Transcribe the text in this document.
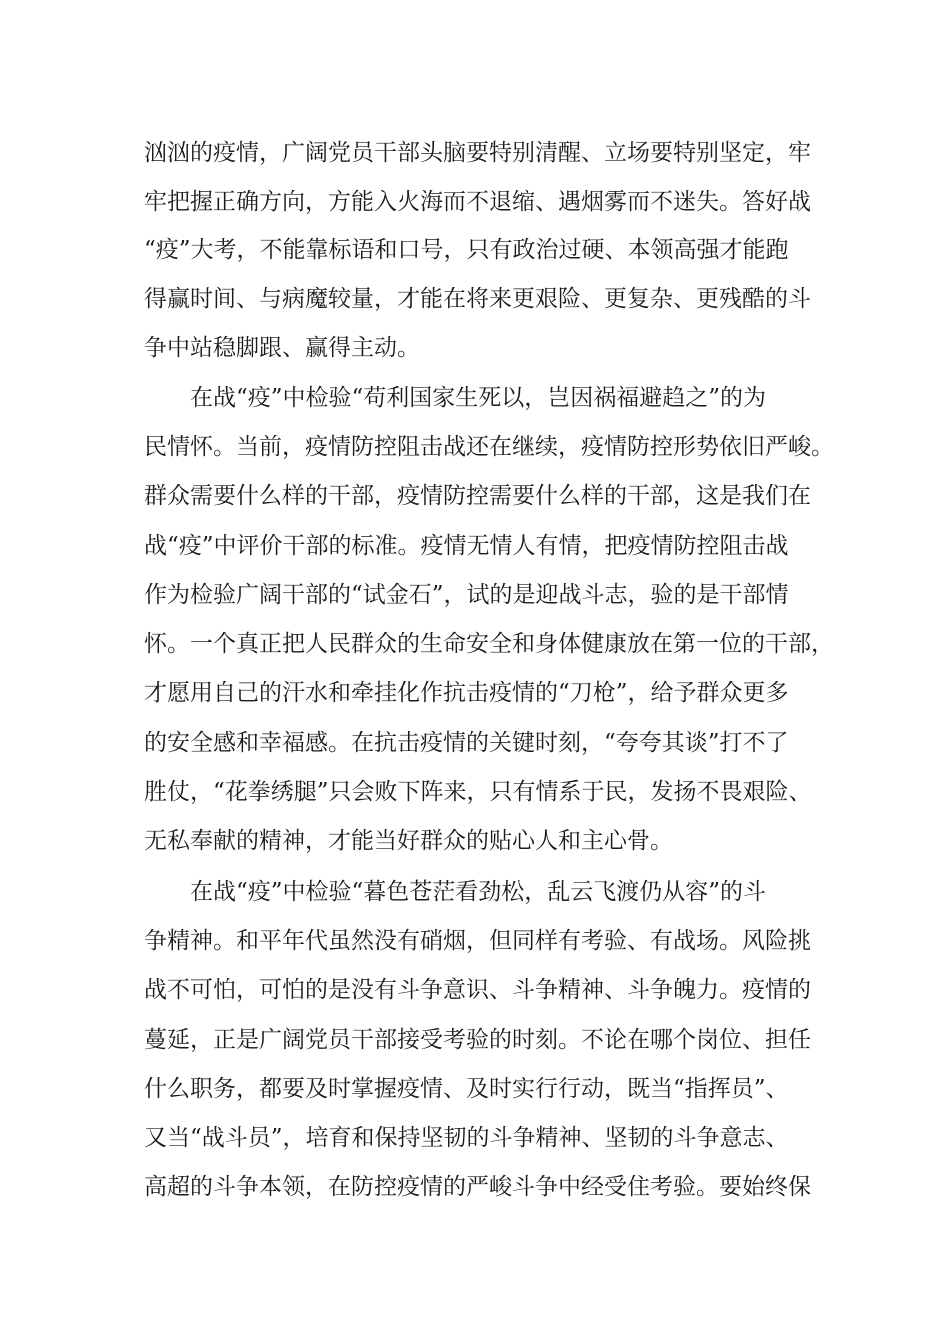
汹汹的疫情，广阔党员干部头脑要特别清醒、立场要特别坚定，牢
牢把握正确方向，方能入火海而不退缩、遇烟雾而不迷失。答好战
“疫”大考，不能靠标语和口号，只有政治过硬、本领高强才能跑
得赢时间、与病魔较量，才能在将来更艰险、更复杂、更残酷的斗
争中站稳脚跟、赢得主动。
在战“疫”中检验“苟利国家生死以，岂因祸福避趋之”的为
民情怀。当前，疫情防控阻击战还在继续，疫情防控形势依旧严峻。
群众需要什么样的干部，疫情防控需要什么样的干部，这是我们在
战“疫”中评价干部的标准。疫情无情人有情，把疫情防控阻击战
作为检验广阔干部的“试金石”，试的是迎战斗志，验的是干部情
怀。一个真正把人民群众的生命安全和身体健康放在第一位的干部，
才愿用自己的汗水和牵挂化作抗击疫情的“刀枪”，给予群众更多
的安全感和幸福感。在抗击疫情的关键时刻，“夸夸其谈”打不了
胜仗，“花拳绣腿”只会败下阵来，只有情系于民，发扬不畏艰险、
无私奉献的精神，才能当好群众的贴心人和主心骨。
在战“疫”中检验“暮色苍茫看劲松，乱云飞渡仍从容”的斗
争精神。和平年代虽然没有硝烟，但同样有考验、有战场。风险挑
战不可怕，可怕的是没有斗争意识、斗争精神、斗争魄力。疫情的
蔓延，正是广阔党员干部接受考验的时刻。不论在哪个岗位、担任
什么职务，都要及时掌握疫情、及时实行行动，既当“指挥员”、
又当“战斗员”，培育和保持坚韧的斗争精神、坚韧的斗争意志、
高超的斗争本领，在防控疫情的严峻斗争中经受住考验。要始终保
